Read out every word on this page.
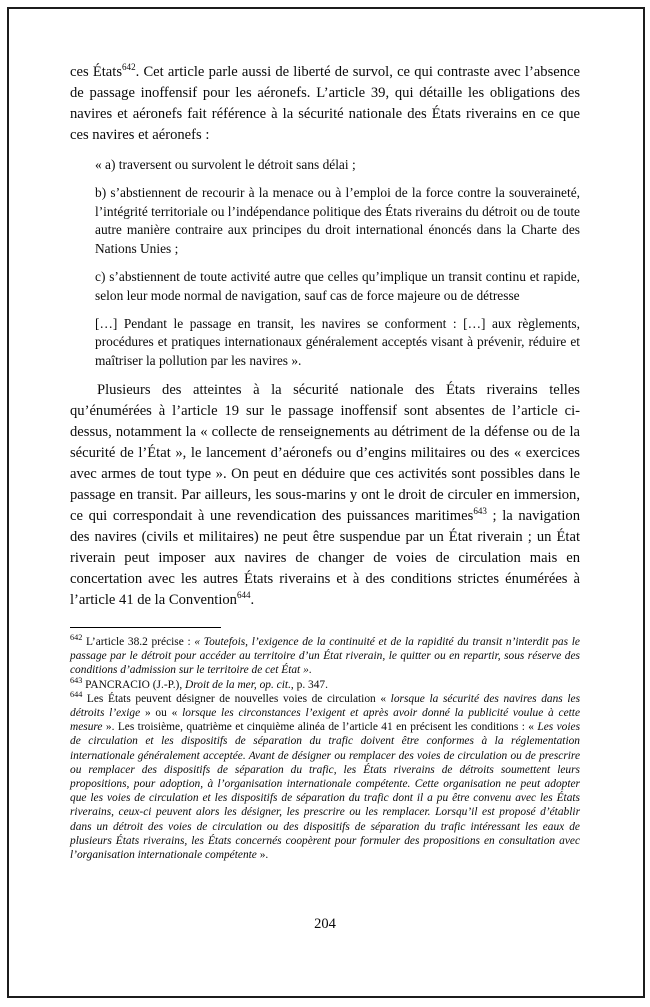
ces États$^{642}$. Cet article parle aussi de liberté de survol, ce qui contraste avec l’absence de passage inoffensif pour les aéronefs. L’article 39, qui détaille les obligations des navires et aéronefs fait référence à la sécurité nationale des États riverains en ce que ces navires et aéronefs :

« a) traversent ou survolent le détroit sans délai ;

b) s’abstiennent de recourir à la menace ou à l’emploi de la force contre la souveraineté, l’intégrité territoriale ou l’indépendance politique des États riverains du détroit ou de toute autre manière contraire aux principes du droit international énoncés dans la Charte des Nations Unies ;

c) s’abstiennent de toute activité autre que celles qu’implique un transit continu et rapide, selon leur mode normal de navigation, sauf cas de force majeure ou de détresse

[…] Pendant le passage en transit, les navires se conforment : […] aux règlements, procédures et pratiques internationaux généralement acceptés visant à prévenir, réduire et maîtriser la pollution par les navires ».

Plusieurs des atteintes à la sécurité nationale des États riverains telles qu’énumérées à l’article 19 sur le passage inoffensif sont absentes de l’article ci-dessus, notamment la « collecte de renseignements au détriment de la défense ou de la sécurité de l’État », le lancement d’aéronefs ou d’engins militaires ou des « exercices avec armes de tout type ». On peut en déduire que ces activités sont possibles dans le passage en transit. Par ailleurs, les sous-marins y ont le droit de circuler en immersion, ce qui correspondait à une revendication des puissances maritimes$^{643}$ ; la navigation des navires (civils et militaires) ne peut être suspendue par un État riverain ; un État riverain peut imposer aux navires de changer de voies de circulation mais en concertation avec les autres États riverains et à des conditions strictes énumérées à l’article 41 de la Convention$^{644}$.

$^{642}$ L’article 38.2 précise : « Toutefois, l’exigence de la continuité et de la rapidité du transit n’interdit pas le passage par le détroit pour accéder au territoire d’un État riverain, le quitter ou en repartir, sous réserve des conditions d’admission sur le territoire de cet État ».

$^{643}$ PANCRACIO (J.-P.), Droit de la mer, op. cit., p. 347.

$^{644}$ Les États peuvent désigner de nouvelles voies de circulation « lorsque la sécurité des navires dans les détroits l’exige » ou « lorsque les circonstances l’exigent et après avoir donné la publicité voulue à cette mesure ». Les troisième, quatrième et cinquième alinéa de l’article 41 en précisent les conditions : « Les voies de circulation et les dispositifs de séparation du trafic doivent être conformes à la réglementation internationale généralement acceptée. Avant de désigner ou remplacer des voies de circulation ou de prescrire ou remplacer des dispositifs de séparation du trafic, les États riverains de détroits soumettent leurs propositions, pour adoption, à l’organisation internationale compétente. Cette organisation ne peut adopter que les voies de circulation et les dispositifs de séparation du trafic dont il a pu être convenu avec les États riverains, ceux-ci peuvent alors les désigner, les prescrire ou les remplacer. Lorsqu’il est proposé d’établir dans un détroit des voies de circulation ou des dispositifs de séparation du trafic intéressant les eaux de plusieurs États riverains, les États concernés coopèrent pour formuler des propositions en consultation avec l’organisation internationale compétente ».

204
